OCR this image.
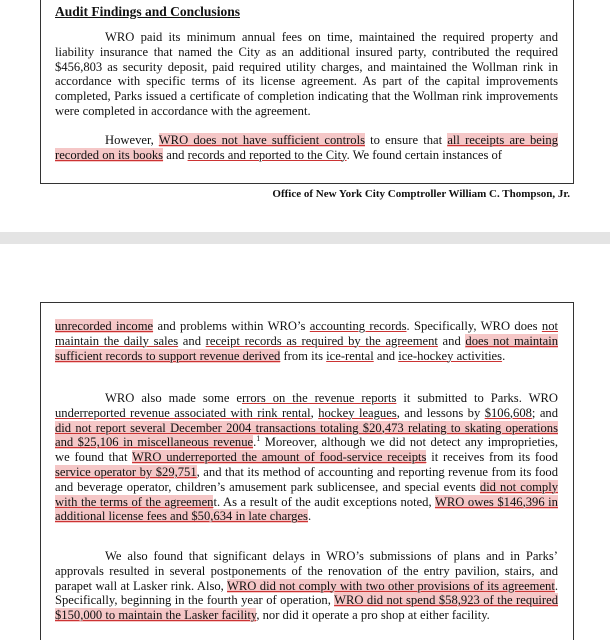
Audit Findings and Conclusions
WRO paid its minimum annual fees on time, maintained the required property and liability insurance that named the City as an additional insured party, contributed the required $456,803 as security deposit, paid required utility charges, and maintained the Wollman rink in accordance with specific terms of its license agreement. As part of the capital improvements completed, Parks issued a certificate of completion indicating that the Wollman rink improvements were completed in accordance with the agreement.
However, WRO does not have sufficient controls to ensure that all receipts are being recorded on its books and records and reported to the City. We found certain instances of
Office of New York City Comptroller William C. Thompson, Jr.
unrecorded income and problems within WRO’s accounting records. Specifically, WRO does not maintain the daily sales and receipt records as required by the agreement and does not maintain sufficient records to support revenue derived from its ice-rental and ice-hockey activities.
WRO also made some errors on the revenue reports it submitted to Parks. WRO underreported revenue associated with rink rental, hockey leagues, and lessons by $106,608; and did not report several December 2004 transactions totaling $20,473 relating to skating operations and $25,106 in miscellaneous revenue.$^1$ Moreover, although we did not detect any improprieties, we found that WRO underreported the amount of food-service receipts it receives from its food service operator by $29,751, and that its method of accounting and reporting revenue from its food and beverage operator, children’s amusement park sublicensee, and special events did not comply with the terms of the agreement. As a result of the audit exceptions noted, WRO owes $146,396 in additional license fees and $50,634 in late charges.
We also found that significant delays in WRO’s submissions of plans and in Parks’ approvals resulted in several postponements of the renovation of the entry pavilion, stairs, and parapet wall at Lasker rink. Also, WRO did not comply with two other provisions of its agreement. Specifically, beginning in the fourth year of operation, WRO did not spend $58,923 of the required $150,000 to maintain the Lasker facility, nor did it operate a pro shop at either facility.
